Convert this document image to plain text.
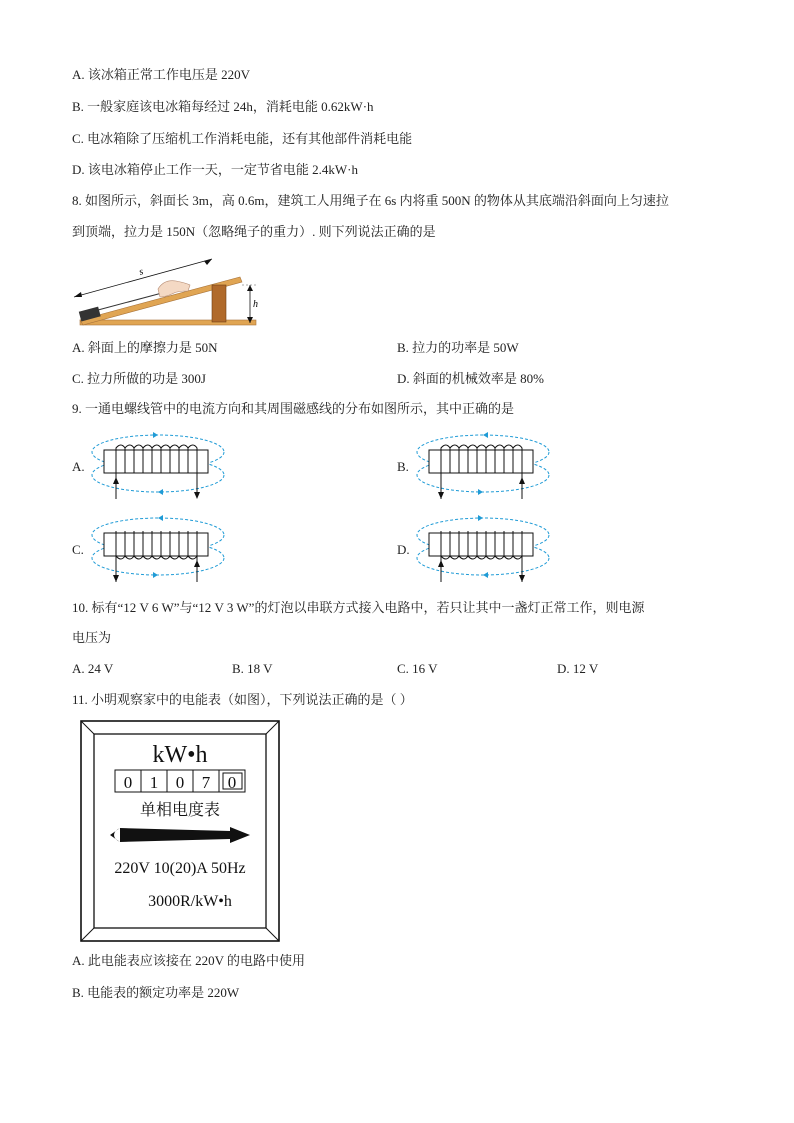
A. 该冰箱正常工作电压是 220V
B. 一般家庭该电冰箱每经过 24h，消耗电能 0.62kW·h
C. 电冰箱除了压缩机工作消耗电能，还有其他部件消耗电能
D. 该电冰箱停止工作一天，一定节省电能 2.4kW·h
8. 如图所示，斜面长 3m，高 0.6m，建筑工人用绳子在 6s 内将重 500N 的物体从其底端沿斜面向上匀速拉
到顶端，拉力是 150N（忽略绳子的重力）. 则下列说法正确的是
s
h
A. 斜面上的摩擦力是 50N	B. 拉力的功率是 50W
C. 拉力所做的功是 300J	D. 斜面的机械效率是 80%
9. 一通电螺线管中的电流方向和其周围磁感线的分布如图所示，其中正确的是
A.	B.
C.	D.
10. 标有“12 V 6 W”与“12 V 3 W”的灯泡以串联方式接入电路中，若只让其中一盏灯正常工作，则电源
电压为
A. 24 V	B. 18 V	C. 16 V	D. 12 V
11. 小明观察家中的电能表（如图），下列说法正确的是（ ）
kW•h
0 1 0 7 0
单相电度表
220V 10(20)A 50Hz
3000R/kW•h
A. 此电能表应该接在 220V 的电路中使用
B. 电能表的额定功率是 220W
